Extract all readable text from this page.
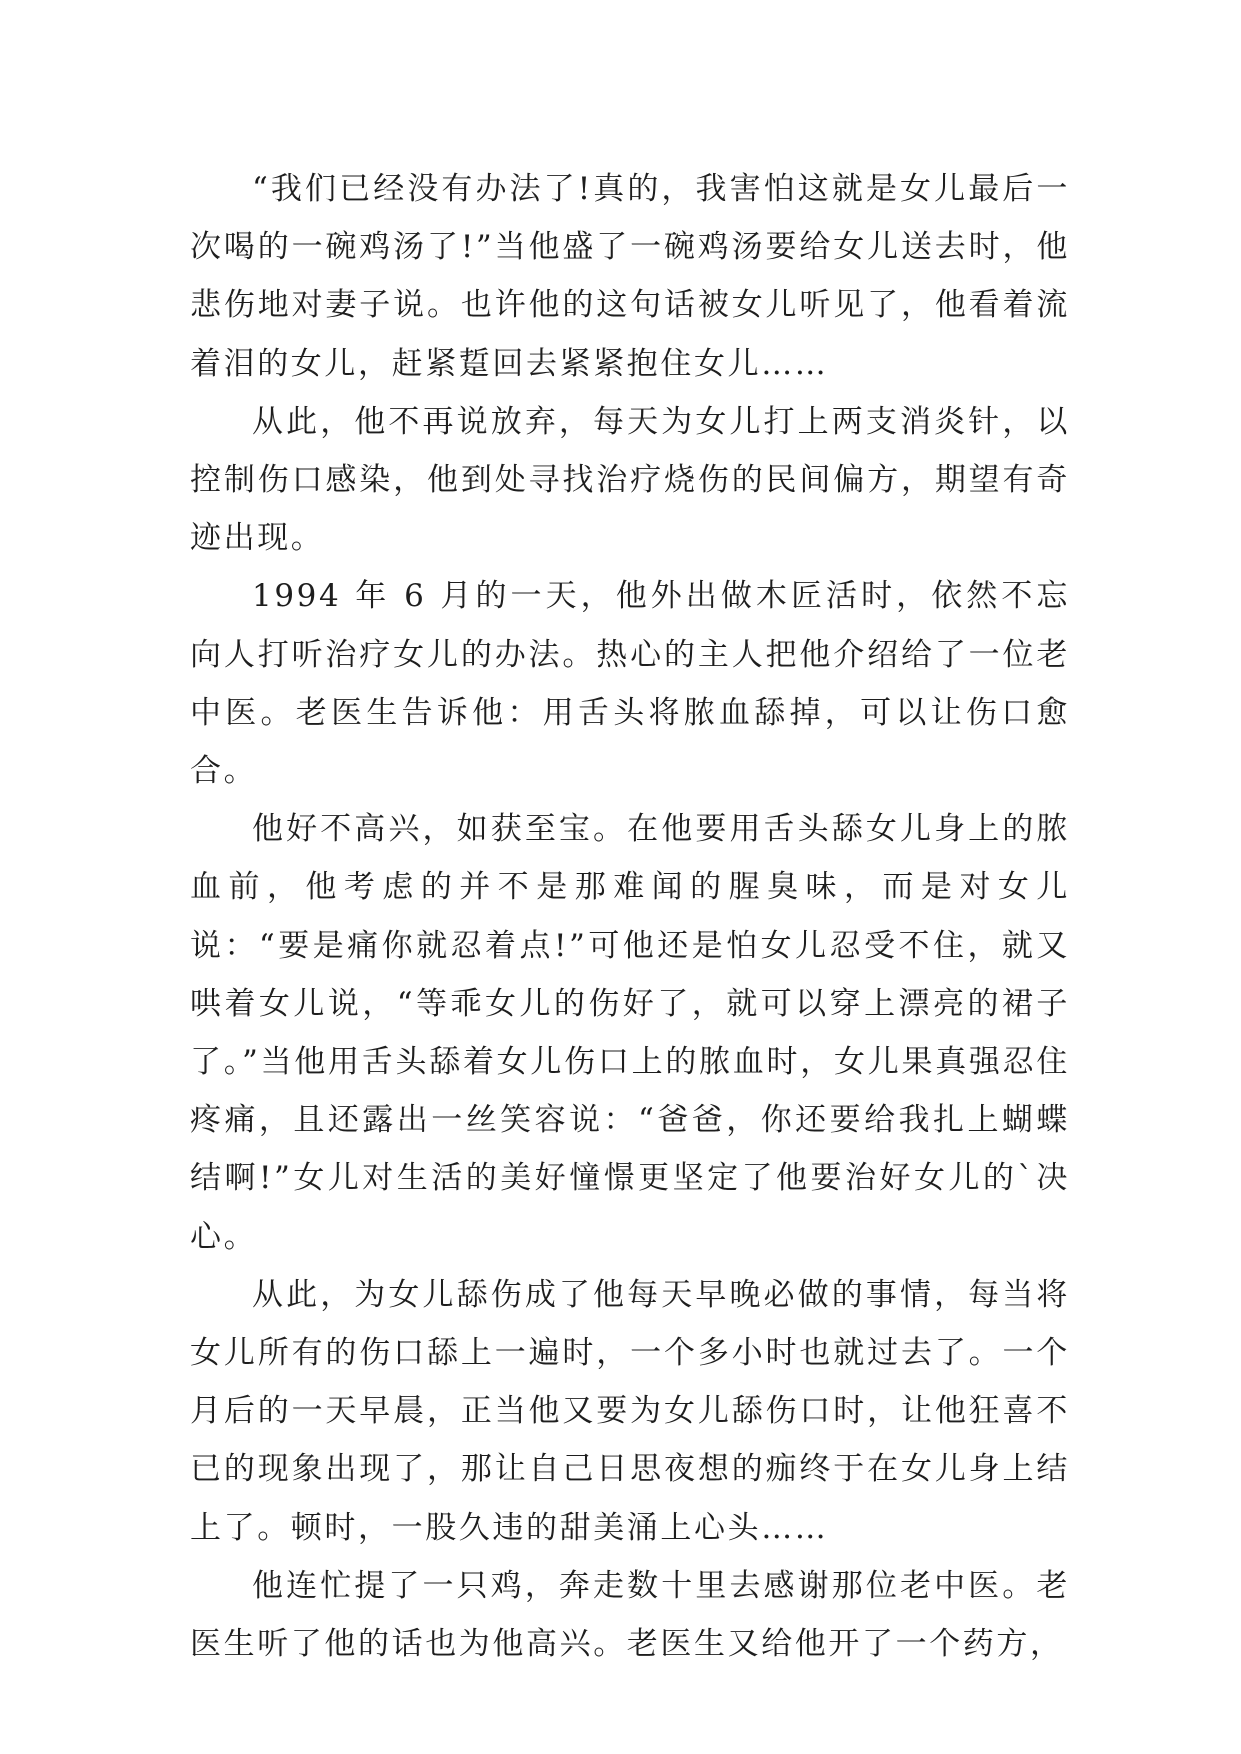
“我们已经没有办法了!真的，我害怕这就是女儿最后一次喝的一碗鸡汤了!”当他盛了一碗鸡汤要给女儿送去时，他悲伤地对妻子说。也许他的这句话被女儿听见了，他看着流着泪的女儿，赶紧踅回去紧紧抱住女儿……

从此，他不再说放弃，每天为女儿打上两支消炎针，以控制伤口感染，他到处寻找治疗烧伤的民间偏方，期望有奇迹出现。

1994 年 6 月的一天，他外出做木匠活时，依然不忘向人打听治疗女儿的办法。热心的主人把他介绍给了一位老中医。老医生告诉他：用舌头将脓血舔掉，可以让伤口愈合。

他好不高兴，如获至宝。在他要用舌头舔女儿身上的脓血前，他考虑的并不是那难闻的腥臭味，而是对女儿说：“要是痛你就忍着点!”可他还是怕女儿忍受不住，就又哄着女儿说，“等乖女儿的伤好了，就可以穿上漂亮的裙子了。”当他用舌头舔着女儿伤口上的脓血时，女儿果真强忍住疼痛，且还露出一丝笑容说：“爸爸，你还要给我扎上蝴蝶结啊!”女儿对生活的美好憧憬更坚定了他要治好女儿的`决心。

从此，为女儿舔伤成了他每天早晚必做的事情，每当将女儿所有的伤口舔上一遍时，一个多小时也就过去了。一个月后的一天早晨，正当他又要为女儿舔伤口时，让他狂喜不已的现象出现了，那让自己日思夜想的痂终于在女儿身上结上了。顿时，一股久违的甜美涌上心头……

他连忙提了一只鸡，奔走数十里去感谢那位老中医。老医生听了他的话也为他高兴。老医生又给他开了一个药方，
